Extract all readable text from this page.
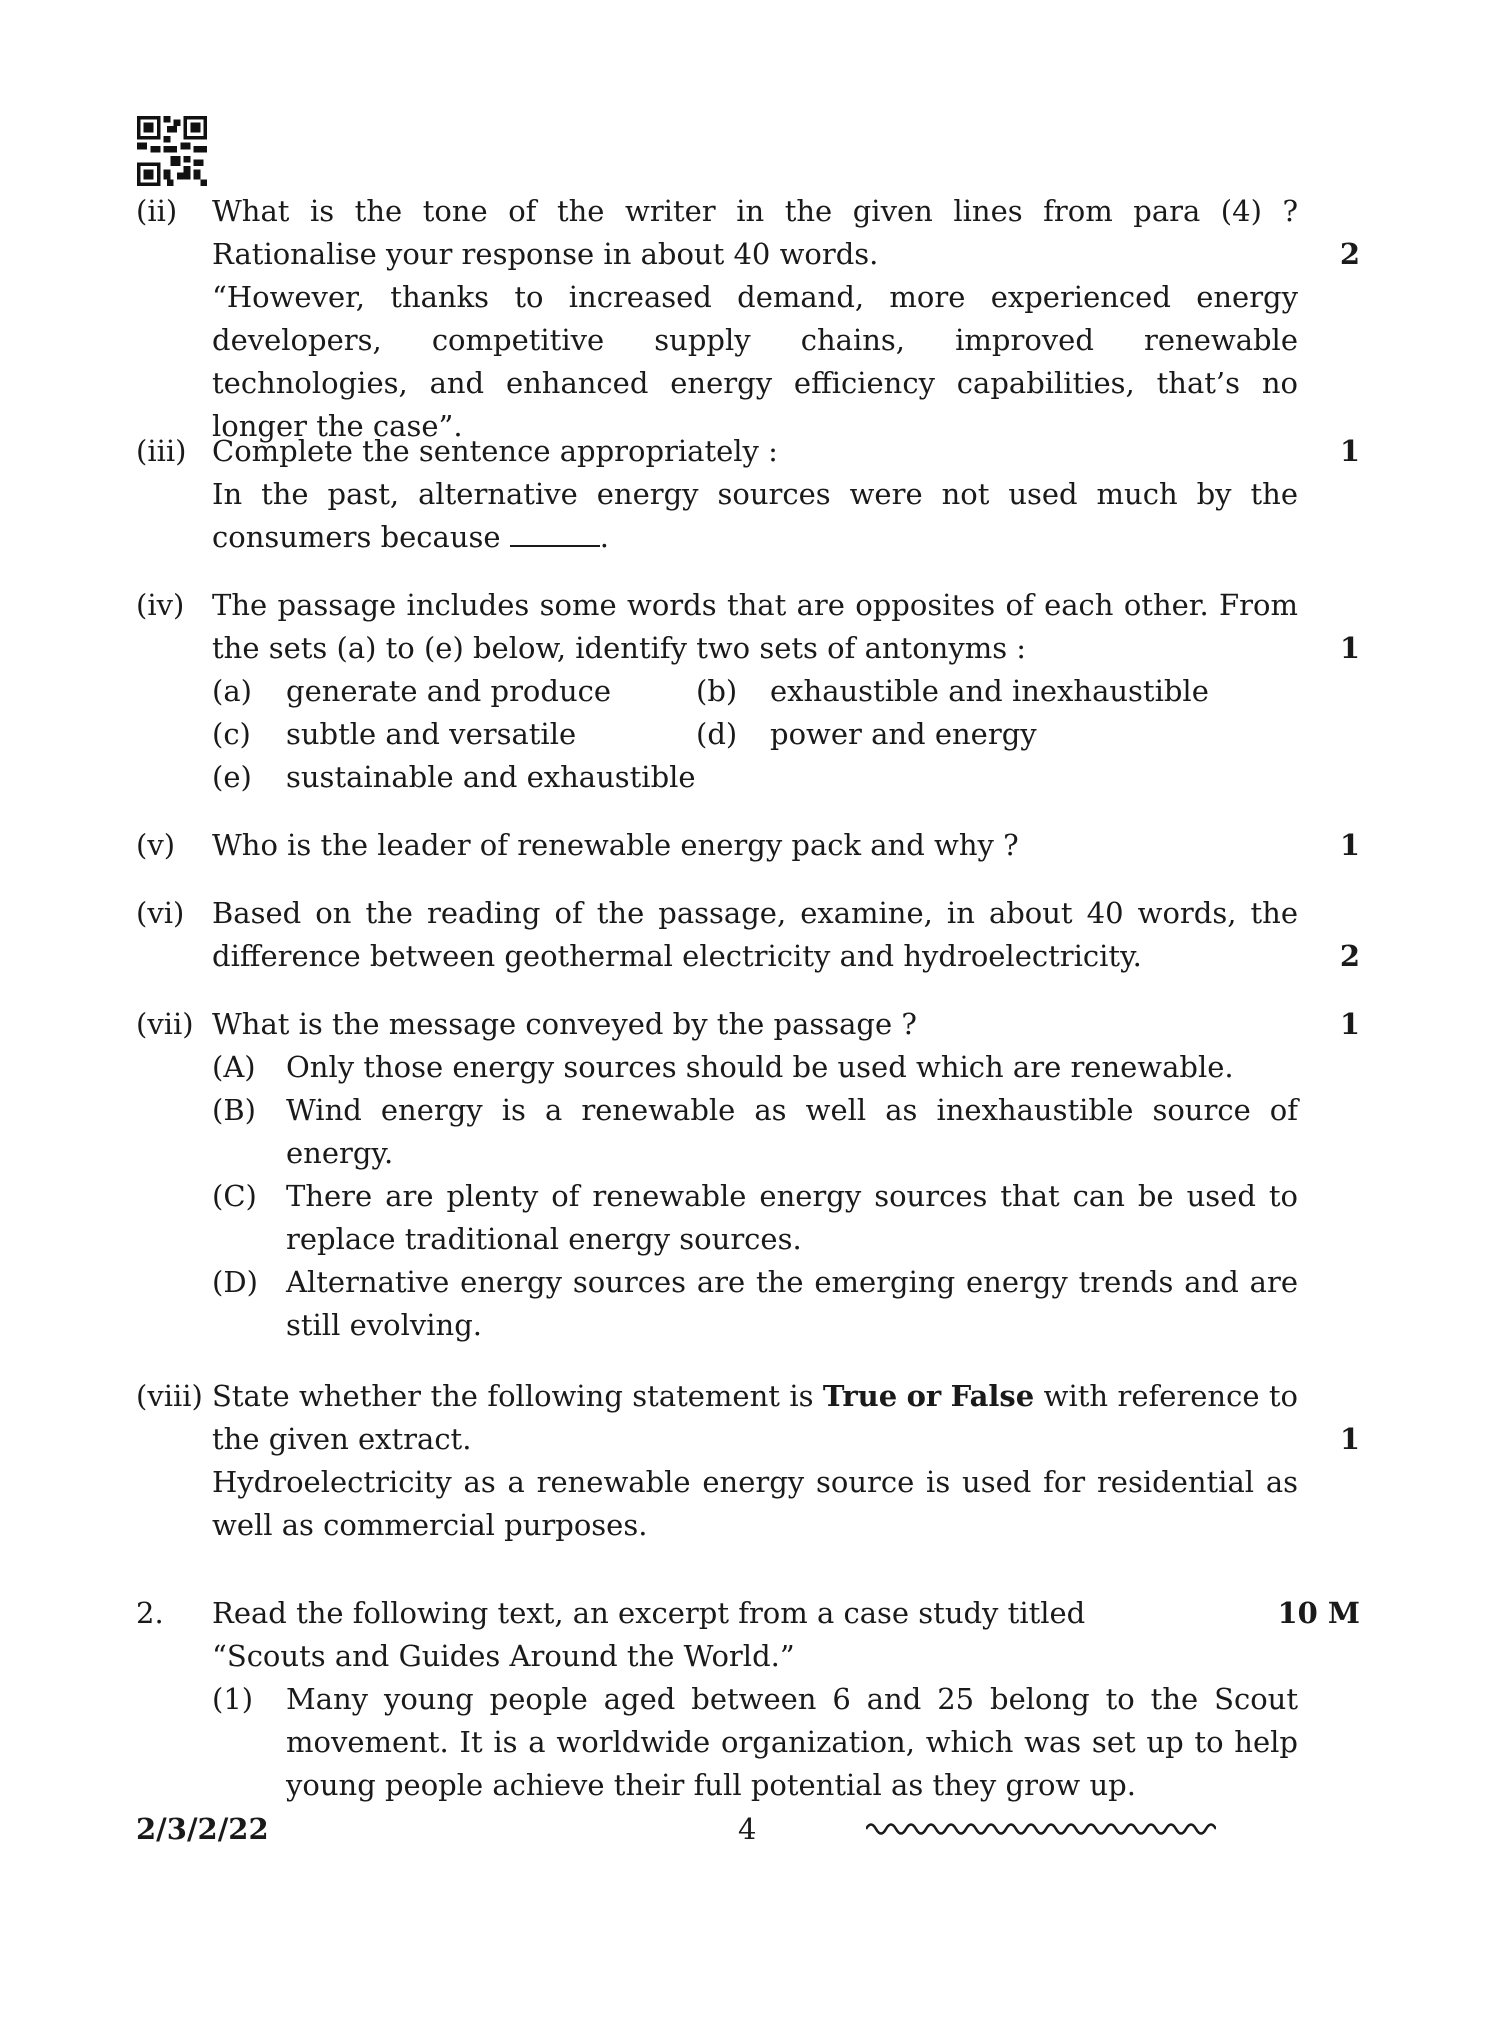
(ii) What is the tone of the writer in the given lines from para (4) ?
Rationalise your response in about 40 words.
“However, thanks to increased demand, more experienced energy developers, competitive supply chains, improved renewable technologies, and enhanced energy efficiency capabilities, that’s no longer the case”.
2
(iii) Complete the sentence appropriately :
In the past, alternative energy sources were not used much by the consumers because	.
1
(iv) The passage includes some words that are opposites of each other. From
the sets (a) to (e) below, identify two sets of antonyms :
(a)	generate and produce	(b)	exhaustible and inexhaustible
(c)	subtle and versatile	(d)	power and energy
(e)	sustainable and exhaustible
1
(v) Who is the leader of renewable energy pack and why ?	1
(vi) Based on the reading of the passage, examine, in about 40 words, the
difference between geothermal electricity and hydroelectricity.	2
(vii) What is the message conveyed by the passage ?
(A) Only those energy sources should be used which are renewable.
(B) Wind energy is a renewable as well as inexhaustible source of energy.
(C) There are plenty of renewable energy sources that can be used to replace traditional energy sources.
(D) Alternative energy sources are the emerging energy trends and are still evolving.
1
(viii) State whether the following statement is True or False with reference to
the given extract.
Hydroelectricity as a renewable energy source is used for residential as well as commercial purposes.
1
2. Read the following text, an excerpt from a case study titled
“Scouts and Guides Around the World.”
(1) Many young people aged between 6 and 25 belong to the Scout movement. It is a worldwide organization, which was set up to help young people achieve their full potential as they grow up.
10 M
2/3/2/22	4
